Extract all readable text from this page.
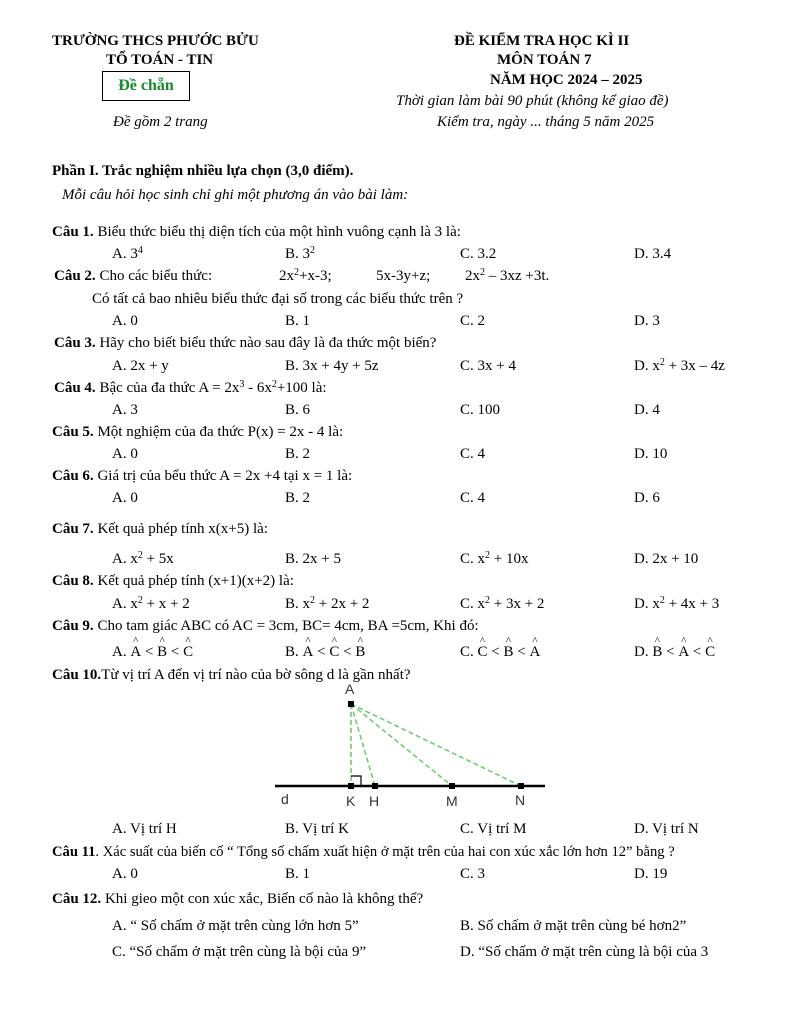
TRƯỜNG THCS PHƯỚC BỬU
TỔ TOÁN - TIN
Đề chẵn
Đề gồm 2 trang
ĐỀ KIỂM TRA HỌC KÌ II
MÔN TOÁN 7
NĂM HỌC 2024 – 2025
Thời gian làm bài 90 phút (không kể giao đề)
Kiểm tra, ngày ... tháng 5 năm 2025
Phần I. Trắc nghiệm nhiều lựa chọn (3,0 điểm).
Mỗi câu hỏi học sinh chỉ ghi một phương án vào bài làm:
Câu 1. Biểu thức biểu thị diện tích của một hình vuông cạnh là 3 là:
A. $3^4$	B. $3^2$	C. 3.2	D. 3.4
Câu 2. Cho các biểu thức:	$2x^2+x-3$;	5x-3y+z; $2x^2 - 3xz +3t$.
Có tất cả bao nhiêu biểu thức đại số trong các biểu thức trên ?
A. 0	B. 1	C. 2	D. 3
Câu 3. Hãy cho biết biểu thức nào sau đây là đa thức một biến?
A. 2x + y	B. 3x + 4y + 5z	C. 3x + 4	D. $x^2 + 3x - 4z$
Câu 4. Bậc của đa thức $A = 2x^3 - 6x^2+100$ là:
A. 3	B. 6	C. 100	D. 4
Câu 5. Một nghiệm của đa thức P(x) = 2x - 4 là:
A. 0	B. 2	C. 4	D. 10
Câu 6. Giá trị của bểu thức A = 2x +4 tại x = 1 là:
A. 0	B. 2	C. 4	D. 6
Câu 7. Kết quả phép tính x(x+5) là:
A. $x^2 + 5x$	B. 2x + 5	C. $x^2 + 10x$	D. 2x + 10
Câu 8. Kết quả phép tính (x+1)(x+2) là:
A. $x^2 + x + 2$	B. $x^2 + 2x + 2$	C. $x^2 + 3x + 2$	D. $x^2 + 4x + 3$
Câu 9. Cho tam giác ABC có AC = 3cm, BC= 4cm, BA =5cm, Khi đó:
A. ^ A < ^ B < ^ C	B. ^ A < ^ C < ^ B	C. ^ C < ^ B < ^ A	D. ^ B < ^ A < ^ C
Câu 10.Từ vị trí A đến vị trí nào của bờ sông d là gần nhất?
A
d	K H	M	N
A. Vị trí H	B. Vị trí K	C. Vị trí M	D. Vị trí N
Câu 11. Xác suất của biến cố “ Tổng số chấm xuất hiện ở mặt trên của hai con xúc xắc lớn hơn 12” bằng ?
A. 0	B. 1	C. 3	D. 19
Câu 12. Khi gieo một con xúc xắc, Biến cố nào là không thể?
A. “ Số chấm ở mặt trên cùng lớn hơn 5”	B. Số chấm ở mặt trên cùng bé hơn2”
C. “Số chấm ở mặt trên cùng là bội của 9”	D. “Số chấm ở mặt trên cùng là bội của 3
